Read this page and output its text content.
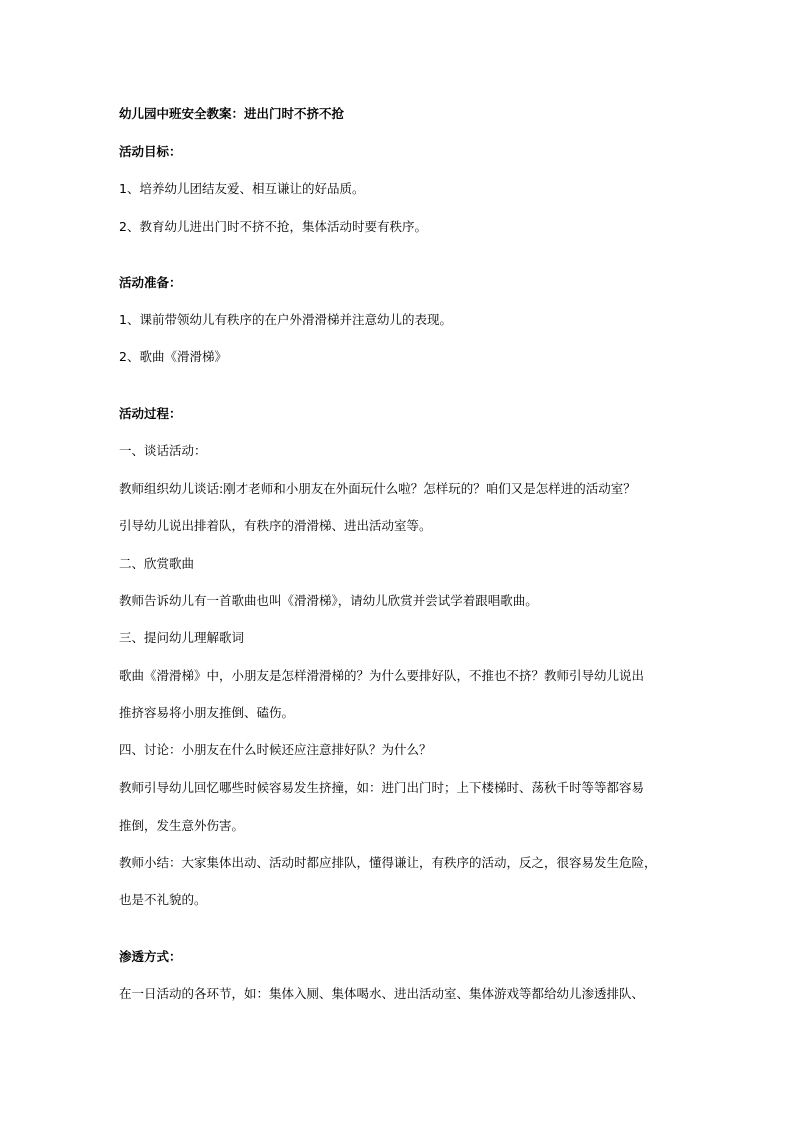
幼儿园中班安全教案：进出门时不挤不抢
活动目标：
1、培养幼儿团结友爱、相互谦让的好品质。
2、教育幼儿进出门时不挤不抢，集体活动时要有秩序。
活动准备：
1、课前带领幼儿有秩序的在户外滑滑梯并注意幼儿的表现。
2、歌曲《滑滑梯》
活动过程：
一、谈话活动：
教师组织幼儿谈话:刚才老师和小朋友在外面玩什么啦？怎样玩的？咱们又是怎样进的活动室？
引导幼儿说出排着队，有秩序的滑滑梯、进出活动室等。
二、欣赏歌曲
教师告诉幼儿有一首歌曲也叫《滑滑梯》，请幼儿欣赏并尝试学着跟唱歌曲。
三、提问幼儿理解歌词
歌曲《滑滑梯》中，小朋友是怎样滑滑梯的？为什么要排好队，不推也不挤？教师引导幼儿说出
推挤容易将小朋友推倒、磕伤。
四、讨论：小朋友在什么时候还应注意排好队？为什么？
教师引导幼儿回忆哪些时候容易发生挤撞，如：进门出门时；上下楼梯时、荡秋千时等等都容易
推倒，发生意外伤害。
教师小结：大家集体出动、活动时都应排队，懂得谦让，有秩序的活动，反之，很容易发生危险，
也是不礼貌的。
渗透方式：
在一日活动的各环节，如：集体入厕、集体喝水、进出活动室、集体游戏等都给幼儿渗透排队、
